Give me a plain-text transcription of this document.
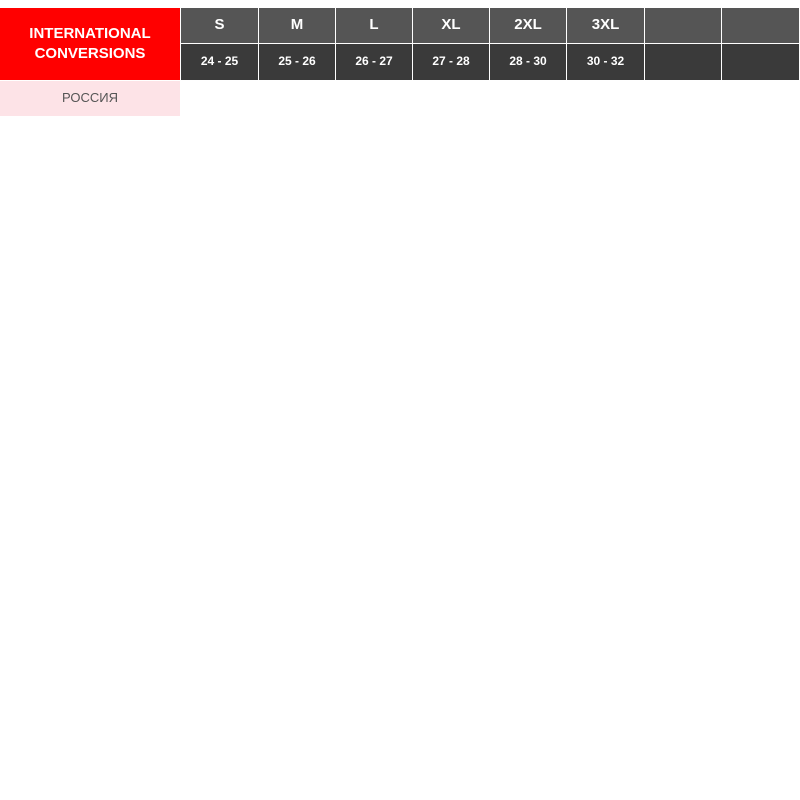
INTERNATIONAL
CONVERSIONS
S	M	L	XL	2XL	3XL
24 - 25	25 - 26	26 - 27	27 - 28	28 - 30	30 - 32
РОССИЯ
